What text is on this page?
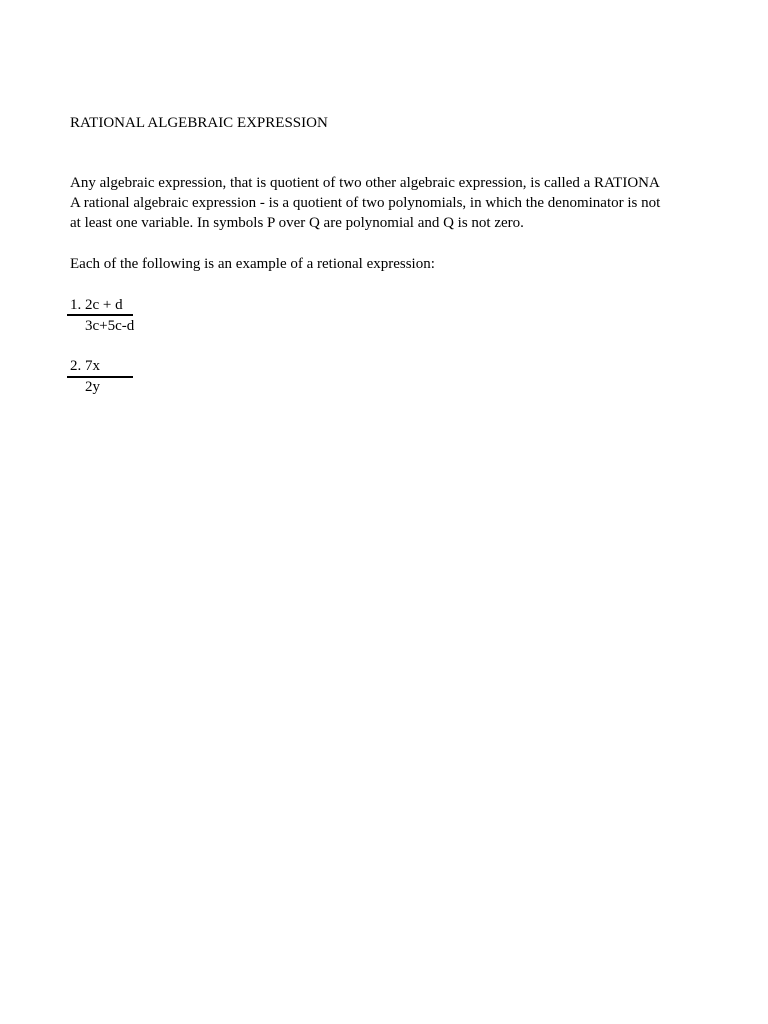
RATIONAL ALGEBRAIC EXPRESSION
Any algebraic expression, that is quotient of two other algebraic expression, is called a RATIONA
A rational algebraic expression - is a quotient of two polynomials, in which the denominator is not
at least one variable. In symbols P over Q are polynomial and Q is not zero.
Each of the following is an example of a retional expression:
1. 2c + d
3c+5c-d
2. 7x
2y
